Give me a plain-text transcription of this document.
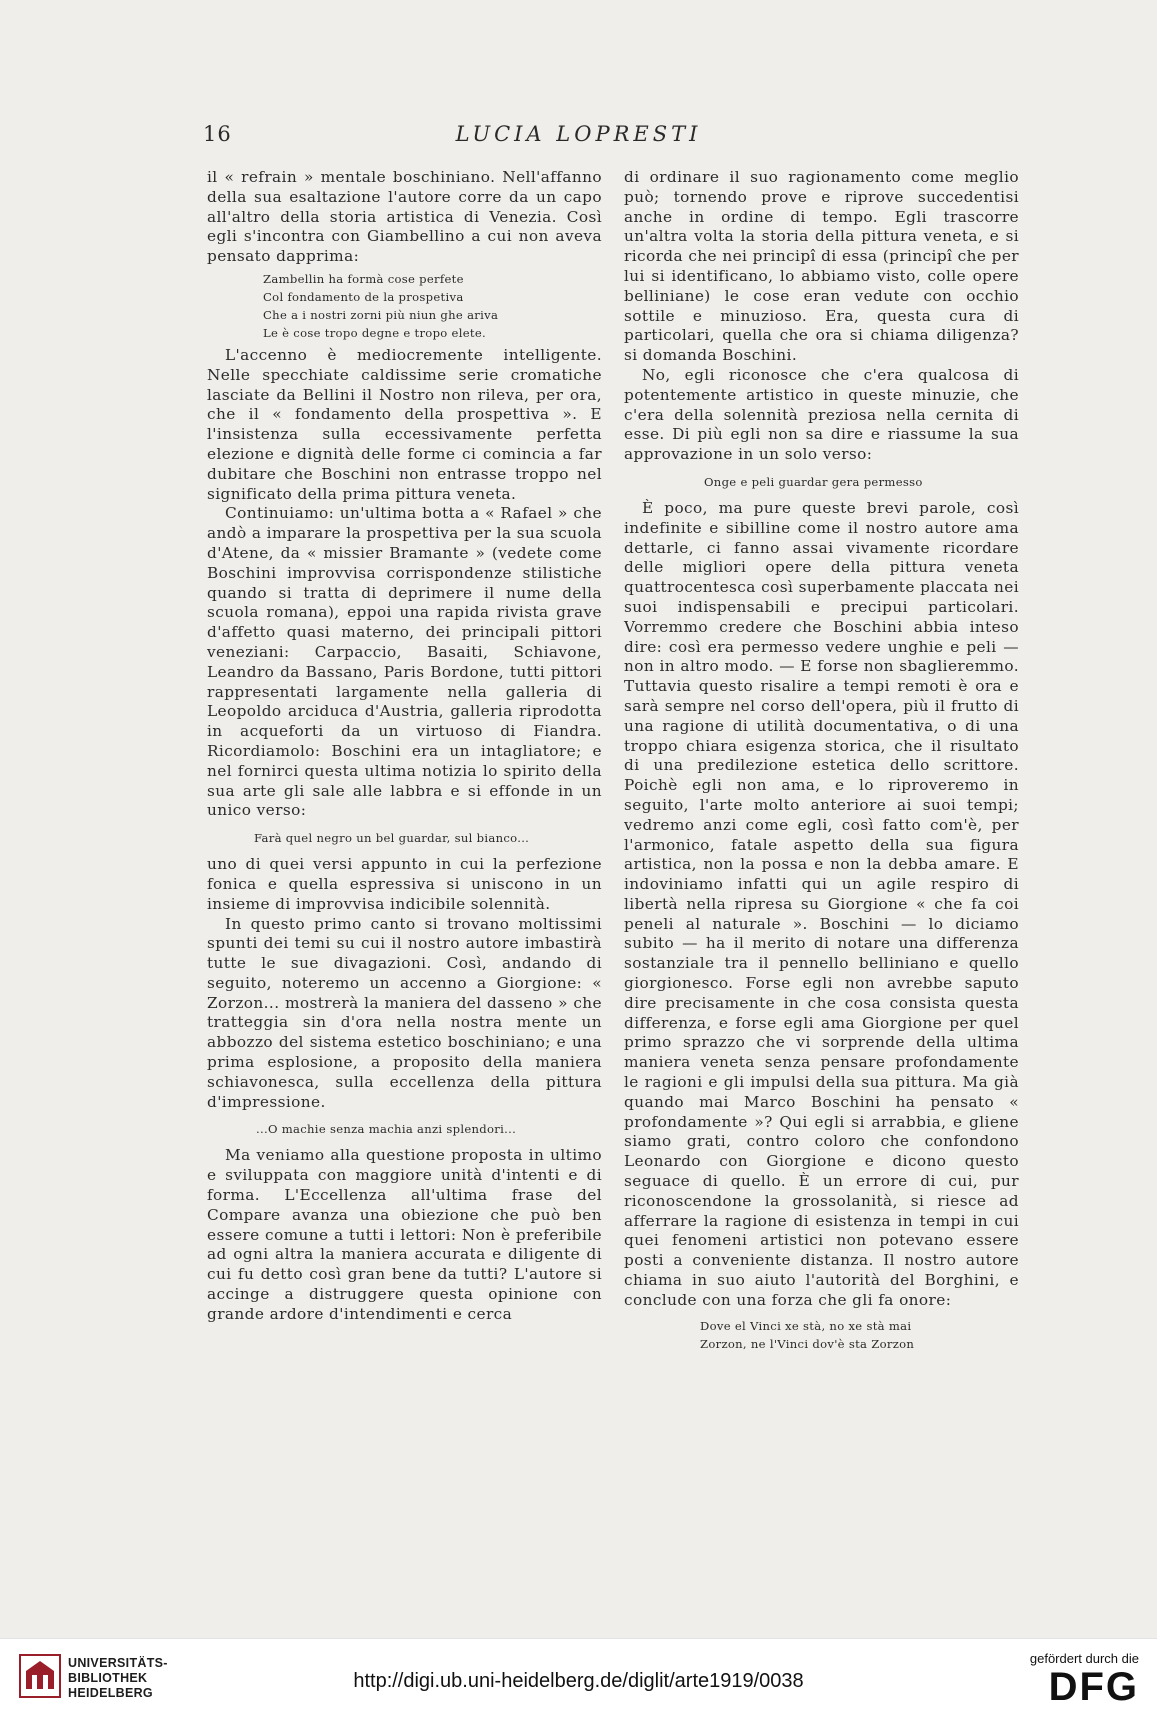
16	LUCIA LOPRESTI

il « refrain » mentale boschiniano. Nell'affanno della sua esaltazione l'autore corre da un capo all'altro della storia artistica di Venezia. Così egli s'incontra con Giambellino a cui non aveva pensato dapprima:

Zambellin ha formà cose perfete
Col fondamento de la prospetiva
Che a i nostri zorni più niun ghe ariva
Le è cose tropo degne e tropo elete.

L'accenno è mediocremente intelligente. Nelle specchiate caldissime serie cromatiche lasciate da Bellini il Nostro non rileva, per ora, che il « fondamento della prospettiva ». E l'insistenza sulla eccessivamente perfetta elezione e dignità delle forme ci comincia a far dubitare che Boschini non entrasse troppo nel significato della prima pittura veneta.

Continuiamo: un'ultima botta a « Rafael » che andò a imparare la prospettiva per la sua scuola d'Atene, da « missier Bramante » (vedete come Boschini improvvisa corrispondenze stilistiche quando si tratta di deprimere il nume della scuola romana), eppoi una rapida rivista grave d'affetto quasi materno, dei principali pittori veneziani: Carpaccio, Basaiti, Schiavone, Leandro da Bassano, Paris Bordone, tutti pittori rappresentati largamente nella galleria di Leopoldo arciduca d'Austria, galleria riprodotta in acqueforti da un virtuoso di Fiandra. Ricordiamolo: Boschini era un intagliatore; e nel fornirci questa ultima notizia lo spirito della sua arte gli sale alle labbra e si effonde in un unico verso:

Farà quel negro un bel guardar, sul bianco...

uno di quei versi appunto in cui la perfezione fonica e quella espressiva si uniscono in un insieme di improvvisa indicibile solennità.

In questo primo canto si trovano moltissimi spunti dei temi su cui il nostro autore imbastirà tutte le sue divagazioni. Così, andando di seguito, noteremo un accenno a Giorgione: « Zorzon... mostrerà la maniera del dasseno » che tratteggia sin d'ora nella nostra mente un abbozzo del sistema estetico boschiniano; e una prima esplosione, a proposito della maniera schiavonesca, sulla eccellenza della pittura d'impressione.

...O machie senza machia anzi splendori...

Ma veniamo alla questione proposta in ultimo e sviluppata con maggiore unità d'intenti e di forma. L'Eccellenza all'ultima frase del Compare avanza una obiezione che può ben essere comune a tutti i lettori: Non è preferibile ad ogni altra la maniera accurata e diligente di cui fu detto così gran bene da tutti? L'autore si accinge a distruggere questa opinione con grande ardore d'intendimenti e cerca

di ordinare il suo ragionamento come meglio può; tornendo prove e riprove succedentisi anche in ordine di tempo. Egli trascorre un'altra volta la storia della pittura veneta, e si ricorda che nei principî di essa (principî che per lui si identificano, lo abbiamo visto, colle opere belliniane) le cose eran vedute con occhio sottile e minuzioso. Era, questa cura di particolari, quella che ora si chiama diligenza? si domanda Boschini.

No, egli riconosce che c'era qualcosa di potentemente artistico in queste minuzie, che c'era della solennità preziosa nella cernita di esse. Di più egli non sa dire e riassume la sua approvazione in un solo verso:

Onge e peli guardar gera permesso

È poco, ma pure queste brevi parole, così indefinite e sibilline come il nostro autore ama dettarle, ci fanno assai vivamente ricordare delle migliori opere della pittura veneta quattrocentesca così superbamente placcata nei suoi indispensabili e precipui particolari. Vorremmo credere che Boschini abbia inteso dire: così era permesso vedere unghie e peli — non in altro modo. — E forse non sbaglieremmo. Tuttavia questo risalire a tempi remoti è ora e sarà sempre nel corso dell'opera, più il frutto di una ragione di utilità documentativa, o di una troppo chiara esigenza storica, che il risultato di una predilezione estetica dello scrittore. Poichè egli non ama, e lo riproveremo in seguito, l'arte molto anteriore ai suoi tempi; vedremo anzi come egli, così fatto com'è, per l'armonico, fatale aspetto della sua figura artistica, non la possa e non la debba amare. E indoviniamo infatti qui un agile respiro di libertà nella ripresa su Giorgione « che fa coi peneli al naturale ». Boschini — lo diciamo subito — ha il merito di notare una differenza sostanziale tra il pennello belliniano e quello giorgionesco. Forse egli non avrebbe saputo dire precisamente in che cosa consista questa differenza, e forse egli ama Giorgione per quel primo sprazzo che vi sorprende della ultima maniera veneta senza pensare profondamente le ragioni e gli impulsi della sua pittura. Ma già quando mai Marco Boschini ha pensato « profondamente »? Qui egli si arrabbia, e gliene siamo grati, contro coloro che confondono Leonardo con Giorgione e dicono questo seguace di quello. È un errore di cui, pur riconoscendone la grossolanità, si riesce ad afferrare la ragione di esistenza in tempi in cui quei fenomeni artistici non potevano essere posti a conveniente distanza. Il nostro autore chiama in suo aiuto l'autorità del Borghini, e conclude con una forza che gli fa onore:

Dove el Vinci xe stà, no xe stà mai
Zorzon, ne l'Vinci dov'è sta Zorzon
UNIVERSITÄTS-
BIBLIOTHEK
HEIDELBERG
http://digi.ub.uni-heidelberg.de/diglit/arte1919/0038
gefördert durch die
DFG
